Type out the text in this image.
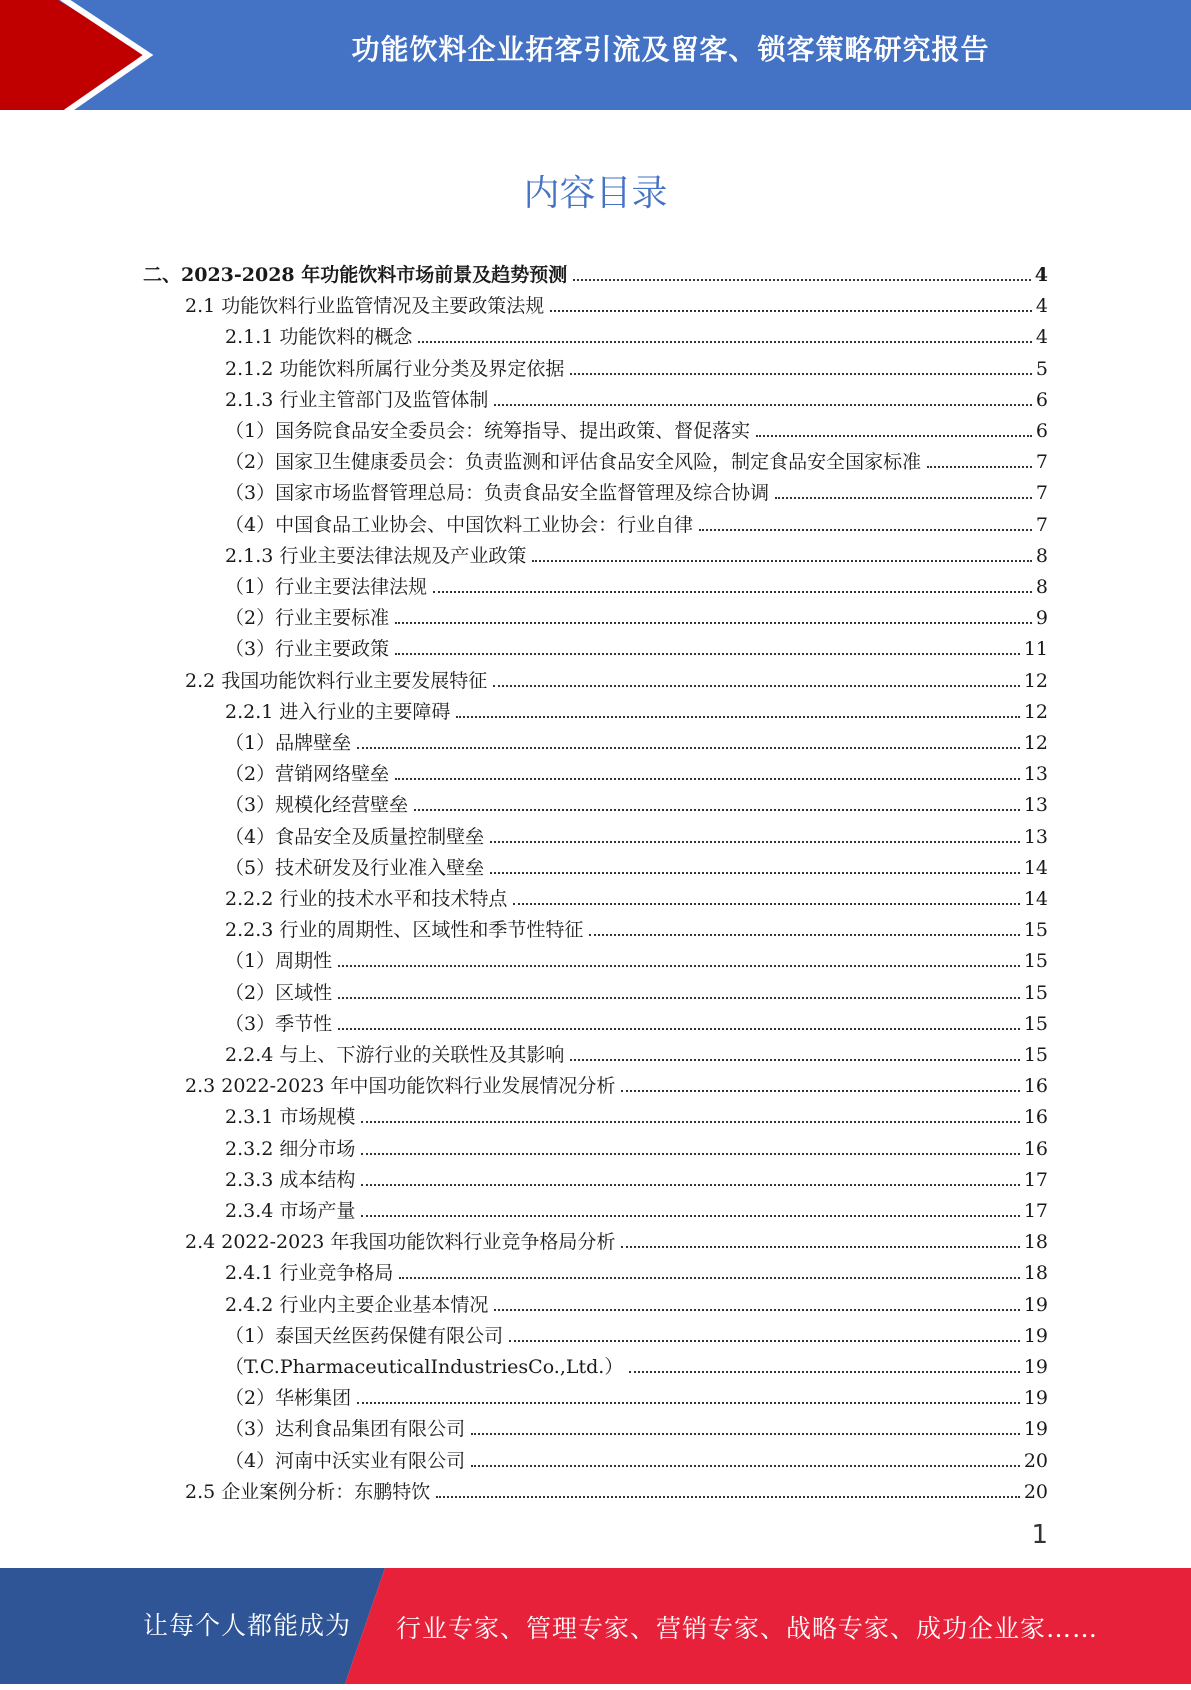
功能饮料企业拓客引流及留客、锁客策略研究报告
内容目录
二、2023-2028 年功能饮料市场前景及趋势预测	4
2.1 功能饮料行业监管情况及主要政策法规	4
2.1.1 功能饮料的概念	4
2.1.2 功能饮料所属行业分类及界定依据	5
2.1.3 行业主管部门及监管体制	6
（1）国务院食品安全委员会：统筹指导、提出政策、督促落实	6
（2）国家卫生健康委员会：负责监测和评估食品安全风险，制定食品安全国家标准	7
（3）国家市场监督管理总局：负责食品安全监督管理及综合协调	7
（4）中国食品工业协会、中国饮料工业协会：行业自律	7
2.1.3 行业主要法律法规及产业政策	8
（1）行业主要法律法规	8
（2）行业主要标准	9
（3）行业主要政策	11
2.2 我国功能饮料行业主要发展特征	12
2.2.1 进入行业的主要障碍	12
（1）品牌壁垒	12
（2）营销网络壁垒	13
（3）规模化经营壁垒	13
（4）食品安全及质量控制壁垒	13
（5）技术研发及行业准入壁垒	14
2.2.2 行业的技术水平和技术特点	14
2.2.3 行业的周期性、区域性和季节性特征	15
（1）周期性	15
（2）区域性	15
（3）季节性	15
2.2.4 与上、下游行业的关联性及其影响	15
2.3 2022-2023 年中国功能饮料行业发展情况分析	16
2.3.1 市场规模	16
2.3.2 细分市场	16
2.3.3 成本结构	17
2.3.4 市场产量	17
2.4 2022-2023 年我国功能饮料行业竞争格局分析	18
2.4.1 行业竞争格局	18
2.4.2 行业内主要企业基本情况	19
（1）泰国天丝医药保健有限公司	19
（T.C.PharmaceuticalIndustriesCo.,Ltd.）	19
（2）华彬集团	19
（3）达利食品集团有限公司	19
（4）河南中沃实业有限公司	20
2.5 企业案例分析：东鹏特饮	20
1
让每个人都能成为 行业专家、管理专家、营销专家、战略专家、成功企业家……
